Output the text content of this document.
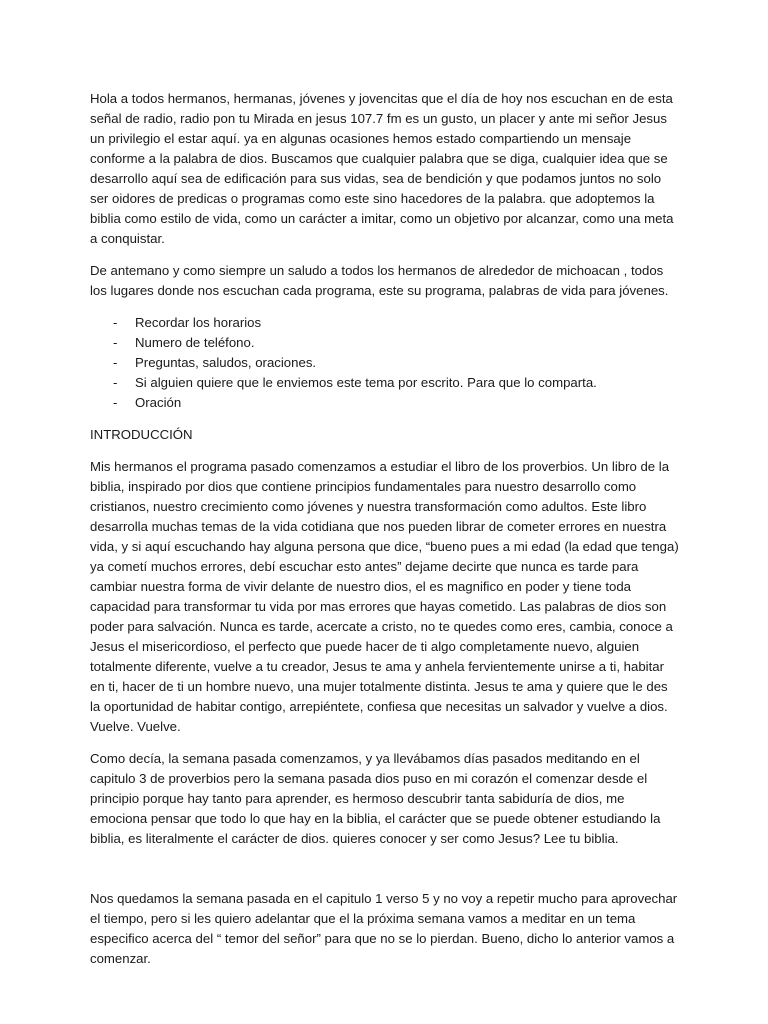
Hola a todos hermanos, hermanas, jóvenes y jovencitas que el día de hoy nos escuchan en de esta señal de radio, radio pon tu Mirada en jesus 107.7 fm es un gusto, un placer y ante mi señor Jesus un privilegio el estar aquí. ya en algunas ocasiones hemos estado compartiendo un mensaje conforme a la palabra de dios. Buscamos que cualquier palabra que se diga, cualquier idea que se desarrollo aquí sea de edificación para sus vidas, sea de bendición y que podamos juntos no solo ser oidores de predicas o programas como este sino hacedores de la palabra. que adoptemos la biblia como estilo de vida, como un carácter a imitar, como un objetivo por alcanzar, como una meta a conquistar.

De antemano y como siempre un saludo a todos los hermanos de alrededor de michoacan , todos los lugares donde nos escuchan cada programa, este su programa, palabras de vida para jóvenes.

- Recordar los horarios
- Numero de teléfono.
- Preguntas, saludos, oraciones.
- Si alguien quiere que le enviemos este tema por escrito. Para que lo comparta.
- Oración

INTRODUCCIÓN

Mis hermanos el programa pasado comenzamos a estudiar el libro de los proverbios. Un libro de la biblia, inspirado por dios que contiene principios fundamentales para nuestro desarrollo como cristianos, nuestro crecimiento como jóvenes y nuestra transformación como adultos. Este libro desarrolla muchas temas de la vida cotidiana que nos pueden librar de cometer errores en nuestra vida, y si aquí escuchando hay alguna persona que dice, “bueno pues a mi edad (la edad que tenga) ya cometí muchos errores, debí escuchar esto antes” dejame decirte que nunca es tarde para cambiar nuestra forma de vivir delante de nuestro dios, el es magnifico en poder y tiene toda capacidad para transformar tu vida por mas errores que hayas cometido. Las palabras de dios son poder para salvación. Nunca es tarde, acercate a cristo, no te quedes como eres, cambia, conoce a Jesus el misericordioso, el perfecto que puede hacer de ti algo completamente nuevo, alguien totalmente diferente, vuelve a tu creador, Jesus te ama y anhela fervientemente unirse a ti, habitar en ti, hacer de ti un hombre nuevo, una mujer totalmente distinta. Jesus te ama y quiere que le des la oportunidad de habitar contigo, arrepiéntete, confiesa que necesitas un salvador y vuelve a dios. Vuelve. Vuelve.

Como decía, la semana pasada comenzamos, y ya llevábamos días pasados meditando en el capitulo 3 de proverbios pero la semana pasada dios puso en mi corazón el comenzar desde el principio porque hay tanto para aprender, es hermoso descubrir tanta sabiduría de dios, me emociona pensar que todo lo que hay en la biblia, el carácter que se puede obtener estudiando la biblia, es literalmente el carácter de dios. quieres conocer y ser como Jesus? Lee tu biblia.

Nos quedamos la semana pasada en el capitulo 1 verso 5 y no voy a repetir mucho para aprovechar el tiempo, pero si les quiero adelantar que el la próxima semana vamos a meditar en un tema especifico acerca del “ temor del señor” para que no se lo pierdan. Bueno, dicho lo anterior vamos a comenzar.
